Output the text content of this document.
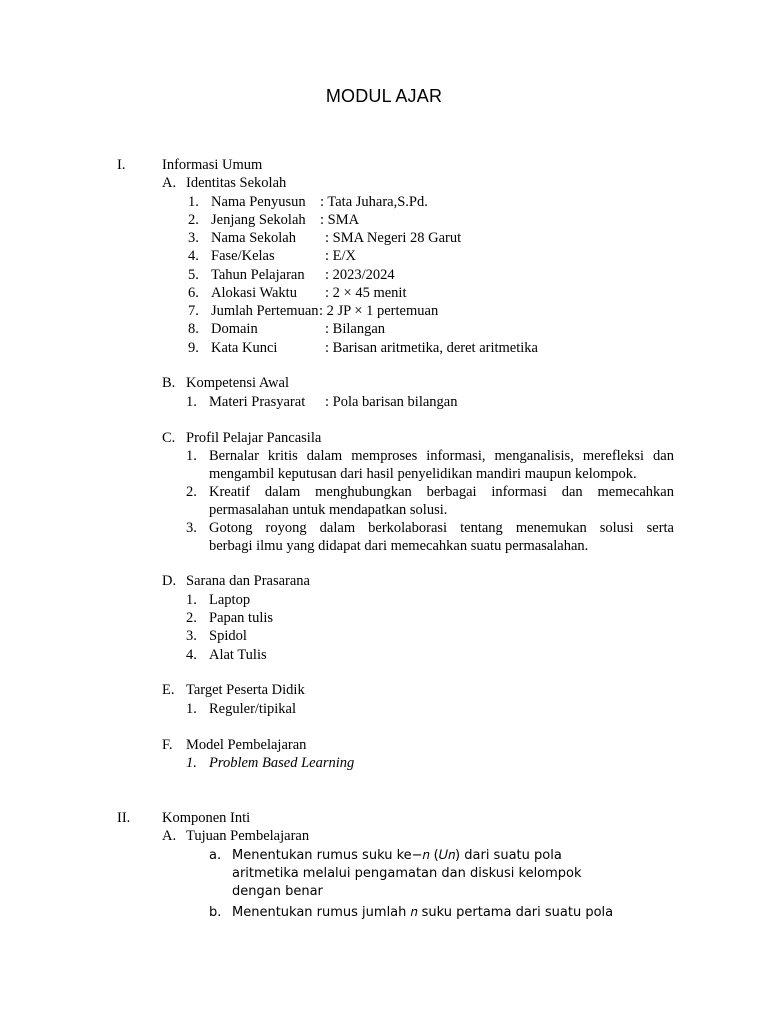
MODUL AJAR
I.	Informasi Umum
A. Identitas Sekolah
1. Nama Penyusun : Tata Juhara,S.Pd.
2. Jenjang Sekolah : SMA
3. Nama Sekolah : SMA Negeri 28 Garut
4. Fase/Kelas	: E/X
5. Tahun Pelajaran : 2023/2024
6. Alokasi Waktu : 2 × 45 menit
7. Jumlah Pertemuan : 2 JP × 1 pertemuan
8. Domain	: Bilangan
9. Kata Kunci	: Barisan aritmetika, deret aritmetika
B. Kompetensi Awal
1. Materi Prasyarat : Pola barisan bilangan
C. Profil Pelajar Pancasila
1. Bernalar kritis dalam memproses informasi, menganalisis, merefleksi dan
mengambil keputusan dari hasil penyelidikan mandiri maupun kelompok.
2. Kreatif dalam menghubungkan berbagai informasi dan memecahkan
permasalahan untuk mendapatkan solusi.
3. Gotong royong dalam berkolaborasi tentang menemukan solusi serta
berbagi ilmu yang didapat dari memecahkan suatu permasalahan.
D. Sarana dan Prasarana
1. Laptop
2. Papan tulis
3. Spidol
4. Alat Tulis
E. Target Peserta Didik
1. Reguler/tipikal
F. Model Pembelajaran
1. Problem Based Learning
II. Komponen Inti
A. Tujuan Pembelajaran
a. Menentukan rumus suku ke−𝑛 (𝑈𝑛) dari suatu pola
aritmetika melalui pengamatan dan diskusi kelompok
dengan benar
b. Menentukan rumus jumlah 𝑛 suku pertama dari suatu pola
